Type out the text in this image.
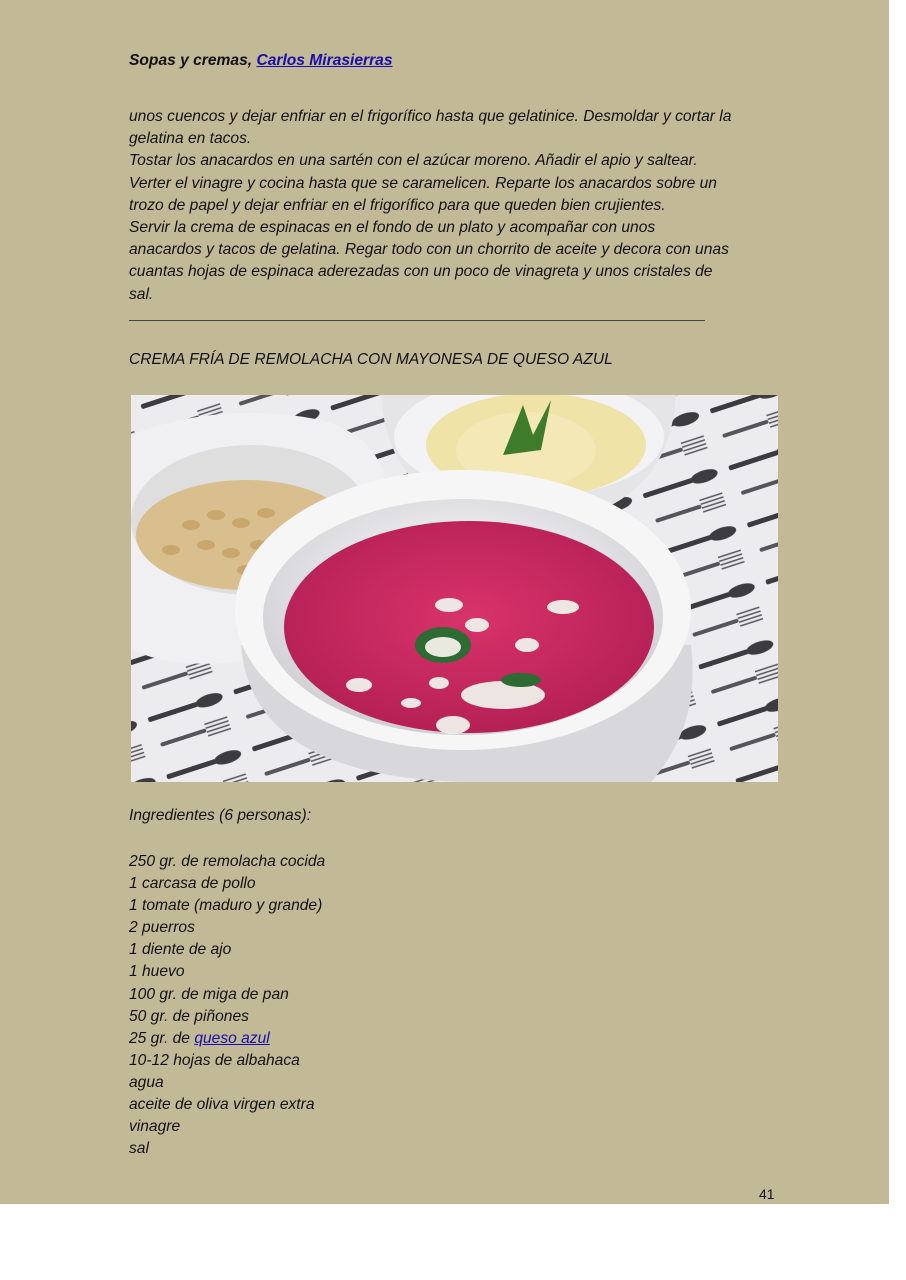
Sopas y cremas, Carlos Mirasierras

unos cuencos y dejar enfriar en el frigorífico hasta que gelatinice. Desmoldar y cortar la

gelatina en tacos.

Tostar los anacardos en una sartén con el azúcar moreno. Añadir el apio y saltear.

Verter el vinagre y cocina hasta que se caramelicen. Reparte los anacardos sobre un

trozo de papel y dejar enfriar en el frigorífico para que queden bien crujientes.

Servir la crema de espinacas en el fondo de un plato y acompañar con unos

anacardos y tacos de gelatina. Regar todo con un chorrito de aceite y decora con unas

cuantas hojas de espinaca aderezadas con un poco de vinagreta y unos cristales de

sal.

CREMA FRÍA DE REMOLACHA CON MAYONESA DE QUESO AZUL
Ingredientes (6 personas):
250 gr. de remolacha cocida
1 carcasa de pollo
1 tomate (maduro y grande)
2 puerros
1 diente de ajo
1 huevo
100 gr. de miga de pan
50 gr. de piñones
25 gr. de queso azul
10-12 hojas de albahaca
agua
aceite de oliva virgen extra
vinagre
sal
41
